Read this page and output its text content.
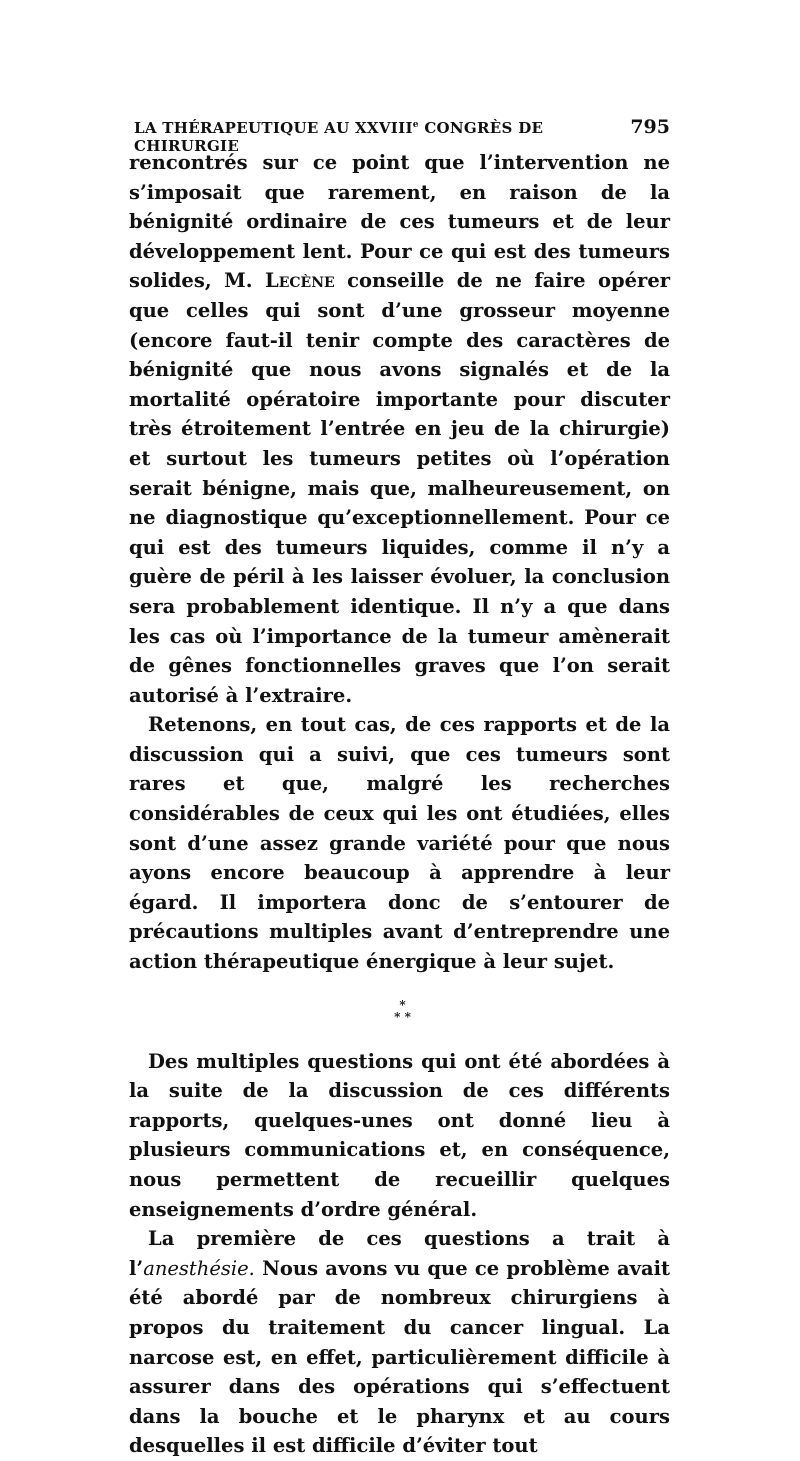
LA THÉRAPEUTIQUE AU XXVIIIe CONGRÈS DE CHIRURGIE
795

rencontrés sur ce point que l’intervention ne s’imposait que rarement, en raison de la bénignité ordinaire de ces tumeurs et de leur développement lent. Pour ce qui est des tumeurs solides, M. Lecène conseille de ne faire opérer que celles qui sont d’une grosseur moyenne (encore faut-il tenir compte des caractères de bénignité que nous avons signalés et de la mortalité opératoire importante pour discuter très étroitement l’entrée en jeu de la chirurgie) et surtout les tumeurs petites où l’opération serait bénigne, mais que, malheureusement, on ne diagnostique qu’exceptionnellement. Pour ce qui est des tumeurs liquides, comme il n’y a guère de péril à les laisser évoluer, la conclusion sera probablement identique. Il n’y a que dans les cas où l’importance de la tumeur amènerait de gênes fonctionnelles graves que l’on serait autorisé à l’extraire.

Retenons, en tout cas, de ces rapports et de la discussion qui a suivi, que ces tumeurs sont rares et que, malgré les recherches considérables de ceux qui les ont étudiées, elles sont d’une assez grande variété pour que nous ayons encore beaucoup à apprendre à leur égard. Il importera donc de s’entourer de précautions multiples avant d’entreprendre une action thérapeutique énergique à leur sujet.

*
* *

Des multiples questions qui ont été abordées à la suite de la discussion de ces différents rapports, quelques-unes ont donné lieu à plusieurs communications et, en conséquence, nous permettent de recueillir quelques enseignements d’ordre général.

La première de ces questions a trait à l’anesthésie. Nous avons vu que ce problème avait été abordé par de nombreux chirurgiens à propos du traitement du cancer lingual. La narcose est, en effet, particulièrement difficile à assurer dans des opérations qui s’effectuent dans la bouche et le pharynx et au cours desquelles il est difficile d’éviter tout
